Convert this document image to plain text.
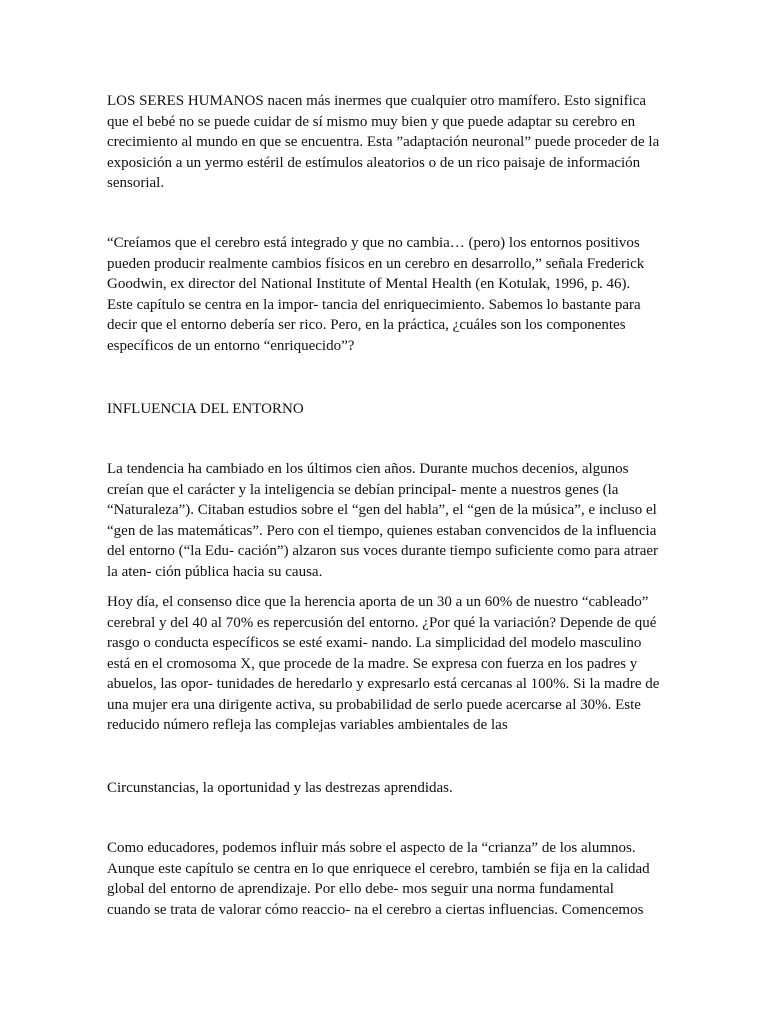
LOS SERES HUMANOS nacen más inermes que cualquier otro mamífero. Esto significa
que el bebé no se puede cuidar de sí mismo muy bien y que puede adaptar su cerebro en
crecimiento al mundo en que se encuentra. Esta ”adaptación neuronal” puede proceder de la
exposición a un yermo estéril de estímulos aleatorios o de un rico paisaje de información
sensorial.
“Creíamos que el cerebro está integrado y que no cambia… (pero) los entornos positivos
pueden producir realmente cambios físicos en un cerebro en desarrollo,” señala Frederick
Goodwin, ex director del National Institute of Mental Health (en Kotulak, 1996, p. 46).
Este capítulo se centra en la impor- tancia del enriquecimiento. Sabemos lo bastante para
decir que el entorno debería ser rico. Pero, en la práctica, ¿cuáles son los componentes
específicos de un entorno “enriquecido”?
INFLUENCIA DEL ENTORNO
La tendencia ha cambiado en los últimos cien años. Durante muchos decenios, algunos
creían que el carácter y la inteligencia se debían principal- mente a nuestros genes (la
“Naturaleza”). Citaban estudios sobre el “gen del habla”, el “gen de la música”, e incluso el
“gen de las matemáticas”. Pero con el tiempo, quienes estaban convencidos de la influencia
del entorno (“la Edu- cación”) alzaron sus voces durante tiempo suficiente como para atraer
la aten- ción pública hacia su causa.
Hoy día, el consenso dice que la herencia aporta de un 30 a un 60% de nuestro “cableado”
cerebral y del 40 al 70% es repercusión del entorno. ¿Por qué la variación? Depende de qué
rasgo o conducta específicos se esté exami- nando. La simplicidad del modelo masculino
está en el cromosoma X, que procede de la madre. Se expresa con fuerza en los padres y
abuelos, las opor- tunidades de heredarlo y expresarlo está cercanas al 100%. Si la madre de
una mujer era una dirigente activa, su probabilidad de serlo puede acercarse al 30%. Este
reducido número refleja las complejas variables ambientales de las
Circunstancias, la oportunidad y las destrezas aprendidas.
Como educadores, podemos influir más sobre el aspecto de la “crianza” de los alumnos.
Aunque este capítulo se centra en lo que enriquece el cerebro, también se fija en la calidad
global del entorno de aprendizaje. Por ello debe- mos seguir una norma fundamental
cuando se trata de valorar cómo reaccio- na el cerebro a ciertas influencias. Comencemos
